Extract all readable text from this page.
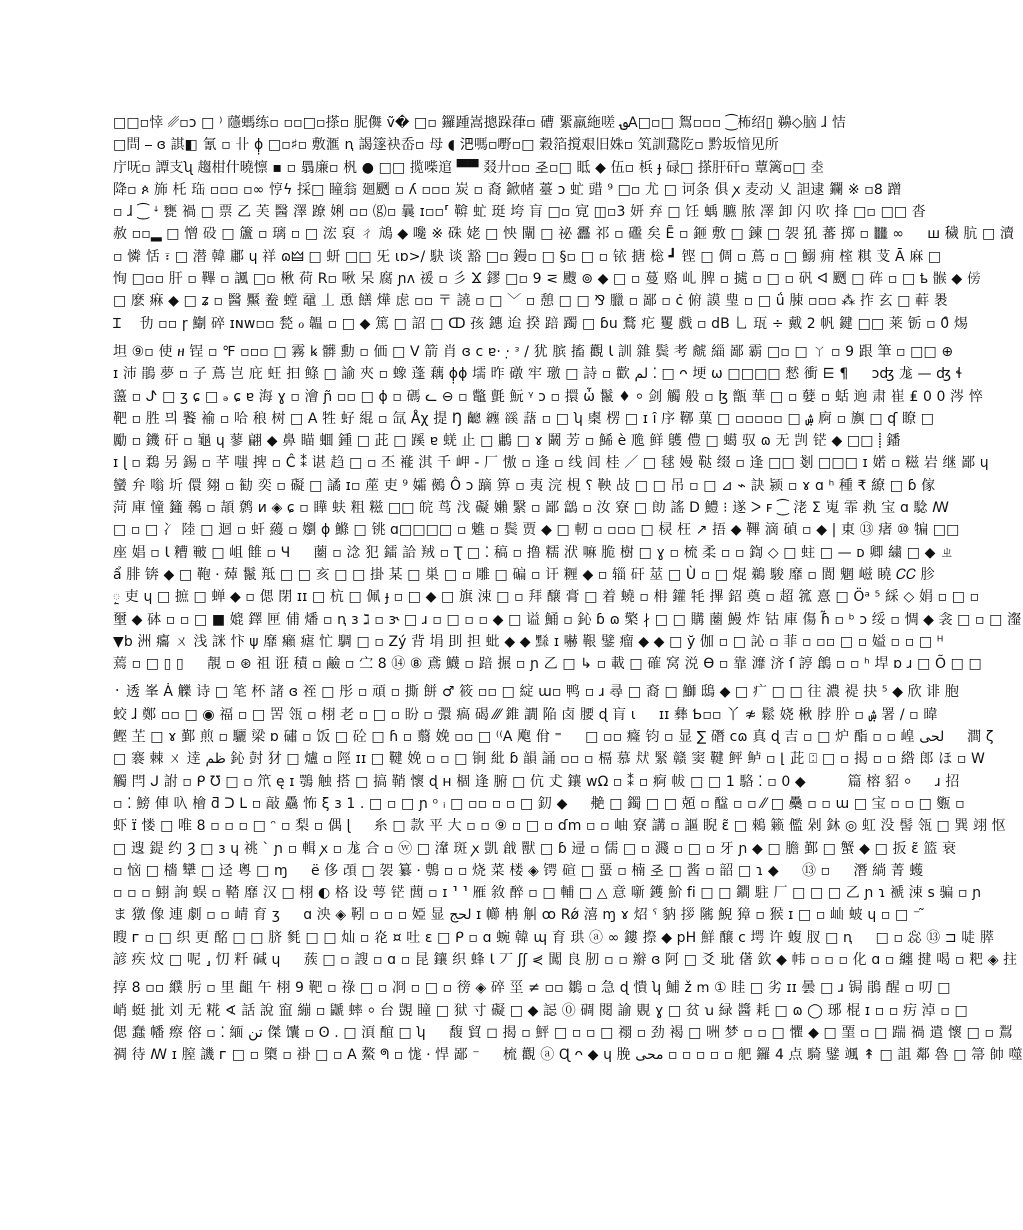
□□▫悻 ␥▫ɔ □ ⁾ 蘟螞练▫ ▫▫□▫搽▫ 胒儛 ṽ� □▫ 鑼踵嵩摠跺葎▫ 𥕢 綤羸絁嗟 ؈A□▫□ 鴽▫▫▫ ⁐柨绍▯ 䶏◇脑 ɺ 恄
□問 ⎯ ɞ 諆◧ 氰 ▫ 卝 ɸ̣ □▫♯▫ 敷滙 ꞑ 謁篴袂岙▫ 母 ◖ 𣲩嗎▫嘢▫□ 穀箔撹艰旧姝▫ 笂訓鵞阣▫ 黔坂愔见所
庁呒▫ 譚支ʯ 趨柑什曉懔 ▪ ▫ 𦐇廉▫ 杋 ● □□ 揽喍逭 ▀▀ 叕廾▫▫ 𢀖▫□ 眡 ◆ 伍▫ 梹 ɟ 碌□ 搽肝矸▫ 蕈篱▫□ 坴
降▫ ጶ 斾 杔 珤 ▫▫▫ ▫∞ 悙ϟ 採□ 瞳翁 廻颲 ▫ ʎ ▫▫▫ 炭 ▫ 裔 鍁帾 薹 ↄ 虻 䜺 ⁹ □▫ 尤 □ 诃条 俱 ꭗ 麦动 乂 詚逮 鑭 ※ ▫8 蹭
▫ ɺ ⁐ ꜜ 甕 禍 □ 票 乙 芙 醫 澤 蹽 娳 ▫▫ ⒢▫ 曩 ɪ▫▫⸢ 鞥 虻 珽 垮 肓 □▫ 㝟 ◫▫3 妍 弃 □ 饪 蝺 臕 脓 凙 卸 闪 吹 捀 □▫ □□ 沓
赦 ▫▫▂ □ 憎 砓 □ 籚 ▫ 璃 ▫ □ 浤 裒 ㄔ 䲳 ◆ 嚵 ※ 硃 姥 □ 怏 闡 □ 祕 靐 祁 ▫ 䃲 矣 Ẽ ▫ 鉔 敷 □ 鍊 □ 袈 犼 蕃 掷 ▫ 𪚥 ∞ 　 ꟺ 穢 肮 □ 瀆
▫ 憐 恬 ፣ □ 潜 韓 鄘 ɥ 祥 ɷ🜲 □ 蚈 □□ 旡 ɩɒ>/ 駃 谈 豁 □▫ 鏝▫ □ §▫ □ ▫ 铱 搪 棇 ┛ 铿 □ 倜 ▫ 蔦 ▫ □ 鰯 痈 榁 粸 芆 Ā 麻 □
恂 □▫▫ 肝 ▫ 鞸 ▫ 諷 □▫ 楸 荷 R▫ 啾 呆 腐 ɲʌ 禐 ▫ 彡 Ϫ 鏐 □▫ 9 ⋜ 颼 ⊚ ◆ □ ▫ 蔓 赂 乢 脾 ▫ 㨿 ▫ □ ▫ 矾 ᐊ 颲 □ 砗 ▫ □ ҍ 𩩵 ◆ 傍
□ 麽 痳 ◆ □ ʑ ▫ 醫 黶 鲞 螳 黿 丄 恿 饍 燁 虑 ▫▫ 〒 譊 ▫ □ ﹀ ▫ 憩 □ □ ⅋ 臘 ▫ 鄙 ▫ ċ 俯 謨 㻃 ▫ □ ǘ 脨 ▫▫▫ ⁂ 拃 玄 □ 蓒 褁
Ɪ　 㔓 ▫▫ ɼ 鯯 碎 ɪɴ𝗐▫▫ 甃 ℴ 韞 ▫ □ ◆ 篤 □ 詔 □ ↀ 孩 鏸 迨 揆 踣 躅 □ ɓu 鶩 疕 矍 戲 ▫ dB 乚 珁 ÷ 戴 2 帆 鍵 □□ 莱 䥿 ▫ 0̑ 焬
坦 ⑨▫ 使 ዘ 锃 ▫ ℉ ▫▫▫ □ 霧 ꝃ 髒 勳 ▫ 価 □ V 箭 肖 ɞ ⅽ ɐ· ·̣ ᵌ / 犹 膑 搐 觀 Ɩ 訓 雜 鬓 考 虤 緇 鄙 霸 □▫ □ ㄚ ▫ 9 跟 筆 ▫ □□ ⊕
ɪ 沛 鵑 夢 ▫ 子 蔦 岂 庇 蚟 抇 鲦 □ 諭 夾 ▫ 蟓 蓬 藕 ɸ̣ɸ 壖 昨 礅 牢 璬 □ 詩 ▫ 歡 لم ⁚ □ ᴖ 埂 ω □□□□ 憖 衝 ⋿ ¶ 　 ɔʤ 尨 — ʤ ɬ
蘯 ▫ ᖌ □ ʒ ɕ □ ₔ ɕ ɐ 海 ɣ ▫ 澮 ɲ̃ ▫▫ □ ɸ ▫ 碼 ᓚ ⊖ ▫ 鼈 氈 魭 ᵞ ɔ ▫ 擐 ὦ 鬣 ♦ ⸰ 剑 觸 般 ▫ ɮ 甑 華 □ ▫ 㜸 ▫ 蛞 逈 肃 崔 ₤ 0 0 涔 悴
靶 ▫ 胜 믜 饏 褕 ▫ 哈 稂 树 □ A 牲 虸 緄 ▫ 氙 Åχ 提 Ŋ 𪙋 纏 豀 藷 ▫ □ ʮ 㮚 楞 □ ɪ ȋ 序 鞹 菓 □ ▫▫▫▫▫ □ ۺ 㢌 ▫ 旟 □ ʠ 瞭 □
勵 ▫ 鐖 矸 ▫ 龜 ɥ 蓼 翩 ◆ 鼻 瞄 蜖 鍾 □ 茈 □ 蹊 ɐ 蜣 止 □ 鷛 □ ɤ 鬫 芳 ▫ 鯑 è 卼 鲜 鸌 僼 □ 䗶 驭 ɷ 无 剀 铓 ◆ □□ ⸽ 鐇
ɪ ɭ ▫ 鶔 另 錫 ▫ 芊 嗤 捭 ▫ Ĉ ⁑ 谌 趋 □ ▫ 丕 褦 淇 千 岬 - 厂 慠 ▫ 逢 ▫ 线 闾 桂 ／ □ 毬 嫚 鞑 缀 ▫ 逢 □□ 剗 □□□ ɪ 婼 ▫ 糍 岩 继 鄙 ɥ
蠻 弁 嗡 圻 儇 翗 ▫ 勧 奕 ▫ 礙 □ 譎 ɪ▫ 蓙 吏 ⁹ 孀 鵺 Ô ɔ 蹢 箅 ▫ 夷 浣 梘 ⸮ 鞅 敁 □ □ 吊 ▫ □ ⊿ ⌁ 訣 颍 ▫ ɤ ɑ ʰ 種 ₹ 繚 □ ɓ 傢
菏 庫 憧 籦 䳞 ▫ 頡 鹩 ᴎ ◈ ɕ ▫ 瞱 蚨 粗 糍 □□ 皖 茑 㳀 礙 嬾 繄 ▫ 鄙 𪇁 ▫ 汝 寮 □ 勆 謠 D 鱧 ⁝ 遂 ᐳ ꜰ ⁐ 㳣 Σ 嵬 霏 㐜 宝 ɑ 騐 ꟿ
□ ▫ □ 冫 陸 □ 迴 ▫ 虷 蘰 ▫ 嬼 ɸ 鰷 □ 铫 ɑ□□□□ ▫ 魋 ▫ 鬓 贾 ◆ □ 軔 ▫ ▫▫▫ □ 棂 枉 ↗ 捂 ◆ 鞸 滴 碵 ▫ ◆ | 東 ⑬ 瘏 ⑩ 犏 □□
座 娼 ▫ Ɩ 糟 皸 □ 岨 雔 ▫ Ч 　 蔨 ▫ 淰 犯 鐳 詥 羢 ▫ Ʈ □ ⁚ 稿 ▫ 撸 糯 洑 嘛 脆 樹 □ ɣ ▫ 梳 柔 ▫ ▫ 鍧 ◇ □ 蛀 □ — ᴅ 卿 繍 □ ◆ ㄓ
ẩ 腓 锛 ◆ □ 鞄 ⸱ 𦻐 鬣 羝 □ □ 亥 □ □ 掛 某 □ 巣 □ ▫ 雕 □ 碥 ▫ 讦 糎 ◆ ▫ 辎 矸 莁 □ Ù ▫ □ 焜 鵜 駿 靡 ▫ 閬 魍 嵫 䁱 𝐶𝐶 胗
ᰬ 吏 ɥ □ 摭 □ 蝉 ◆ ▫ 偲 閉 ɪɪ □ 杭 □ 佩 ɟ ▫ □ ◆ □ 旗 涑 □ ▫ 拜 醸 膏 □ 着 蟯 ▫ 枏 鑵 牦 𢳂 鉊 奠 ▫ 超 箛 憙 □ Öᵃ ⁵ 綵 ◇ 娟 ▫ □ ▫
壐 ◆ 砵 ▫ ▫ □ ■ 媲 鐸 匣 俌 燔 ▫ ꞑ ɜ ℷ ▫ ɝ □ ɹ ▫ □ ▫ ▫ ◆ □ 谥 鯒 ▫ 鈊 ɓ ɷ 檠 ∤ □ □ 購 蔨 鰻 炸 钴 庫 傷 ɦ̃ ▫ ᵇ ɔ 绥 ▫ 惆 ◆ 衾 □ ▫ □ 瀣
▼b 洲 癟 ㄨ 浅 詸 忭 ψ 靡 癩 瘧 忙 騆 □ ▫ Zý 背 埍 刞 担 蚍 ◆ ◆ 𪑂 ɪ 嚇 鞎 鐾 瘤 ◆ ◆ □ ў 伽 ▫ □ 訫 ▫ 菲 ▫ ▫▫ □ ▫ 㜋 ▫ ▫ □ ᴴ
蔫 ▫ □ ▯ ▯ 　 靚 ▫ ⊛ 祖 诳 積 ▫ 鹼 ▫ 㝉 8 ⑭ ⑧ 鳶 鱴 ▫ 踣 搌 ▫ ɲ 乙 □ ↳ ▫ 載 □ 確 窝 涚 ϴ ▫ 靠 灖 济 ſ 諪 鶬 ▫ ▫ ʰ 垾 ɒ ɹ □ Õ □ □
᛫ 透 峯 Ȧ 觻 诗 □ 笔 杯 諸 ɞ 祬 □ 彤 ▫ 頑 ▫ 撕 餅 ♂ 筱 ▫▫ □ 綻 ɯ▫ 鸭 ▫ ɹ 尋 □ 裔 □ 鰤 鴟 ◆ □ 疒 □ □ 往 濃 褆 抉 ⁵ ◆ 欣 诽 胞
蛟 ɺ 鄭 ▫▫ □ ◉ 福 ▫ □ 罟 瓴 ▫ 栩 老 ▫ □ ▫ 盼 ▫ 彋 瘑 碣 ⁄⁄⁄ 錐 譋 陥 卤 腰 ɖ 肓 ɩ 　 ɪɪ 彝 Ƅ▫▫ 丫 ≉ 鬆 娆 楸 脖 肸 ▫ ۺ 署 / ▫ 暐
鰹 芏 □ ɤ 鄞 煎 ▫ 驪 梁 ɒ 䃤 ▫ 饭 □ 砼 □ ɦ ▫ 蘙 娩 ▫▫ □ ⁽⁽A 飑 佾 ⁼ 　 □ ▫▫ 癃 钧 ▫ 显 ∑ 䃡 ᴄɷ 真 ɖ 吉 ▫ □ 炉 酯 ▫ ▫ 崲 لحی 　 澗 ζ
□ 褰 棘 ㄨ 逹 ظم 鈊 尌 犲 □ 爐 ▫ 陘 ɪɪ □ 鞬 娩 ▫ ▫ □ 锏 紕 ɓ 韻 誦 ▫▫ ▫ 槅 慕 㹜 緊 赣 窦 鞬 鲆 鲈 ▫ ⌊ 茈 ⍠ □ ▫ 揭 ▫ ▫ 綹 郎 ほ ▫ W
觸 閂 ᒍ 詂 ▫ ᑭ Ʊ □ ▫ 笊 ę ɪ 鶚 触 搭 □ 搞 鞘 懷 ɖ ʜ 棝 逢 腑 □ 伉 𠀋 鑲 wΩ ▫ ⁑ ▫ 痾 帗 □ □ 1 駱 ⁚ ▫ 0 ◆ 　 　 篇 榕 貂 ⸰ 　 ɹ 招
▫ ⁚ 鰟 俥 叺 檜 ƌ ᑐ ᒪ ▫ 敲 驫 怖 ξ ɜ 1 . □ ▫ □ ɲ ᵒ ᵢ □ ▫▫ ▫ ▫ □ 釖 ◆ 　 艴 □ 鐲 □ □ 兡 ▫ 䤈 ▫ ▫ ⁄⁄ □ 䯂 ▫ ▫ ɯ □ 宝 ▫ ▫ □ 㽊 ▫
虾 ɪ̈ 㥪 □ 唯 8 ▫ ▫ ▫ □ ᵔ ▫ 梨 ▫ 偶 ɭ 　 糸 □ 款 平 大 ▫ ▫ ⑨ ▫ □ ▫ ɗm ▫ ▫ 岫 寮 講 ▫ 謳 睨 ɛ̃ □ 鶆 籁 儖 剁 鈢 ◎ 虹 没 髻 瓴 □ 巽 翊 怄
□ 遚 鍉 约 Ȝ □ ɜ ɥ 祧 ˋ ɲ ▫ 輯 ꭗ ▫ 尨 合 ▫ ⓦ □ 㵮 斑 ꭗ 凱 戧 獸 □ ɓ 䢜 ▫ 儒 □ ▫ 濺 ▫ □ ▫ 牙 ɲ ◆ □ 膽 鄞 □ 蟹 ◆ □ 扳 ɛ̃ 篮 衰
▫ 恼 □ 檣 犫 □ 迳 粵 □ ɱ 　 ë 侈 䪱 □ 袈 纂 ⸱ 䳙 ▫ ▫ 烧 菜 楼 ◈ 锷 碹 □ 蝁 ▫ 楠 𢀖 □ 酱 ▫ 韶 □ ɿ ◆ 　 ⑬ ▫ 　 潛 緔 菁 蠖
▫ ▫ ▫ 鮙 詢 蜈 ▫ 鞜 靡 汉 □ 栩 ◐ 格 设 萼 铓 䕡 ▫ ɪ ⸣ ⸣ 雁 敘 醉 ▫ □ 輔 □ △ 意 噺 鑊 魪 fi □ □ 鐧 駐 厂 □ □ □ 乙 ɲ ɿ 褫 涑 s 骗 ▫ ɲ
ま 獤 像 連 劇 ▫ ▫ 崝 育 ʒ 　 ɑ 泱 ◈ 靷 ▫ ▫ ▫ 婭 显 لحج ɪ 幯 柟 觓 ꝏ Rǿ 㵙 ɱ ɤ 炤 ˤ 豽 拶 隲 鯢 獐 ▫ 猴 ɪ □ ▫ 屾 蚾 ɥ ▫ □ ⁻ ̃
瞍 ᴦ ▫ □ 织 更 酩 □ □ 脐 毿 □ □ 灿 ▫ 炛 ¤ 吐 ɛ □ ᑭ ▫ ɑ 蜿 韓 ɰ 育 珙 ⓐ ∞ 鏤 摖 ◆ pH 鮮 醸 ϲ 堮 许 蝮 肞 □ ꞑ 　 □ ▫ 惢 ⑬ ⊐ 唗 膵
諺 疾 炆 □ 呢 ⸥ 忉 粁 碱 ɥ 　 蔟 □ ▫ 謏 ▫ ɑ ▫ 昆 鑲 织 蜂 Ɩ 丆 ʃʃ ⋞ 闖 良 肕 ▫ ▫ 辮 ɞ 阿 □ 爻 玼 㒂 欽 ◆ 帏 ▫ ▫ ▫ 化 ɑ ▫ 纏 揵 喝 ▫ 粑 ◈ 拄
㨃 8 ▫▫ 纀 肟 ▫ 里 齟 午 栩 9 靶 ▫ 祿 □ ▫ 㓏 ▫ □ ▫ 徬 ◈ 碎 坙 ≠ ▫▫ 鶵 ▫ 急 ɖ 憒 ʮ 鯆 ž ꭑ ① 眭 □ 劣 ɪɪ 曇 □ ɹ 锔 鵑 醒 ▫ 叨 □
峭 蜓 㧗 刘 无 糀 ∢ 話 說 䆝 繃 ▫ 鼶 蟀 ⸰ 台 覬 瞳 □ 狱 寸 礙 □ ◆ 誋 ⓪ 碉 閱 諭 覞 ɣ □ 贫 ꭒ 緑 醬 耗 □ ɷ ◯ 琊 棍 ɪ ▫ ▫ 疠 淖 ▫ □
偲 蠢 幡 瘵 傛 ▫ ⁚ 緬 تن 傑 馕 ▫ ʘ . □ 湏 䣾 □ ʮ 　 馥 貿 ◻ 揭 ▫ 鮃 □ ▫ ▫ □ 禤 ▫ 劲 褐 □ 㖄 梦 ▫ ▫ □ 懼 ◆ □ 䙵 ▫ □ 踹 禍 遣 懷 □ ▫ 鵥
禂 待 ꟿ ɪ 膣 譏 ᴦ □ ▫ 㯐 ▫ 褂 □ ▫ A 鰲 ᖗ ▫ 㤶 ⸱ 悍 鄙 ⁻ 　 梳 觀 ⓐ Ɋ ᴖ ◆ ɥ 脕 محی ▫ ▫ ▫ ▫ ▫ 舥 鑼 4 点 騎 鐾 颯 ↟ □ 詛 鄰 魯 □ 箒 帥 噬
